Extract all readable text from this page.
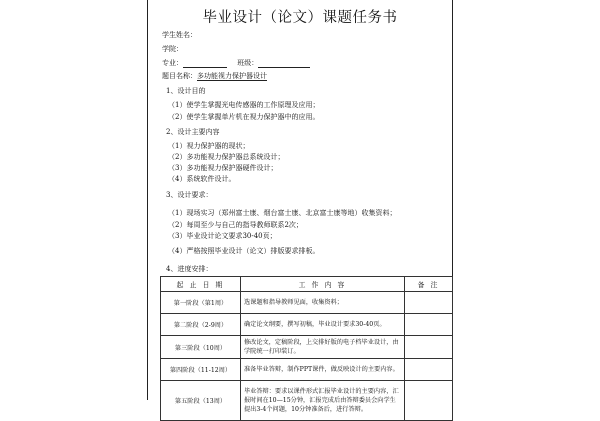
毕业设计（论文）课题任务书
学生姓名：
学院：
专业：	班级：
题目名称：多功能视力保护器设计
1、设计目的
（1）使学生掌握光电传感器的工作原理及应用；
（2）使学生掌握单片机在视力保护器中的应用。
2、设计主要内容
（1）视力保护器的现状；
（2）多功能视力保护器总系统设计；
（3）多功能视力保护器硬件设计；
（4）系统软件设计。
3、设计要求：
（1）现场实习（郑州富士康、烟台富士康、北京富士康等地）收集资料；
（2）每周至少与自己的指导教师联系2次；
（3）毕业设计论文要求30-40页；
（4）严格按照毕业设计（论文）排版要求排板。
4、进度安排：
起 止 日 期	工 作 内 容	备 注
第一阶段（第1周）	选课题和指导教师见面，收集资料；	
第二阶段（2-9周）	确定论文纲要，撰写初稿，毕业设计要求30-40页。	
第三阶段（10周）	修改论文，定稿阶段，上交排好版的电子档毕业设计，由学院统一打印装订。	
第四阶段（11-12周）	准备毕业答辩，制作PPT课件，做反映设计的主要内容。	
第五阶段（13周）	毕业答辩：要求以课件形式汇报毕业设计的主要内容，汇报时间在10—15分钟，汇报完成后由答辩委员会向学生提出3-4个问题，10分钟准备后，进行答辩。	
